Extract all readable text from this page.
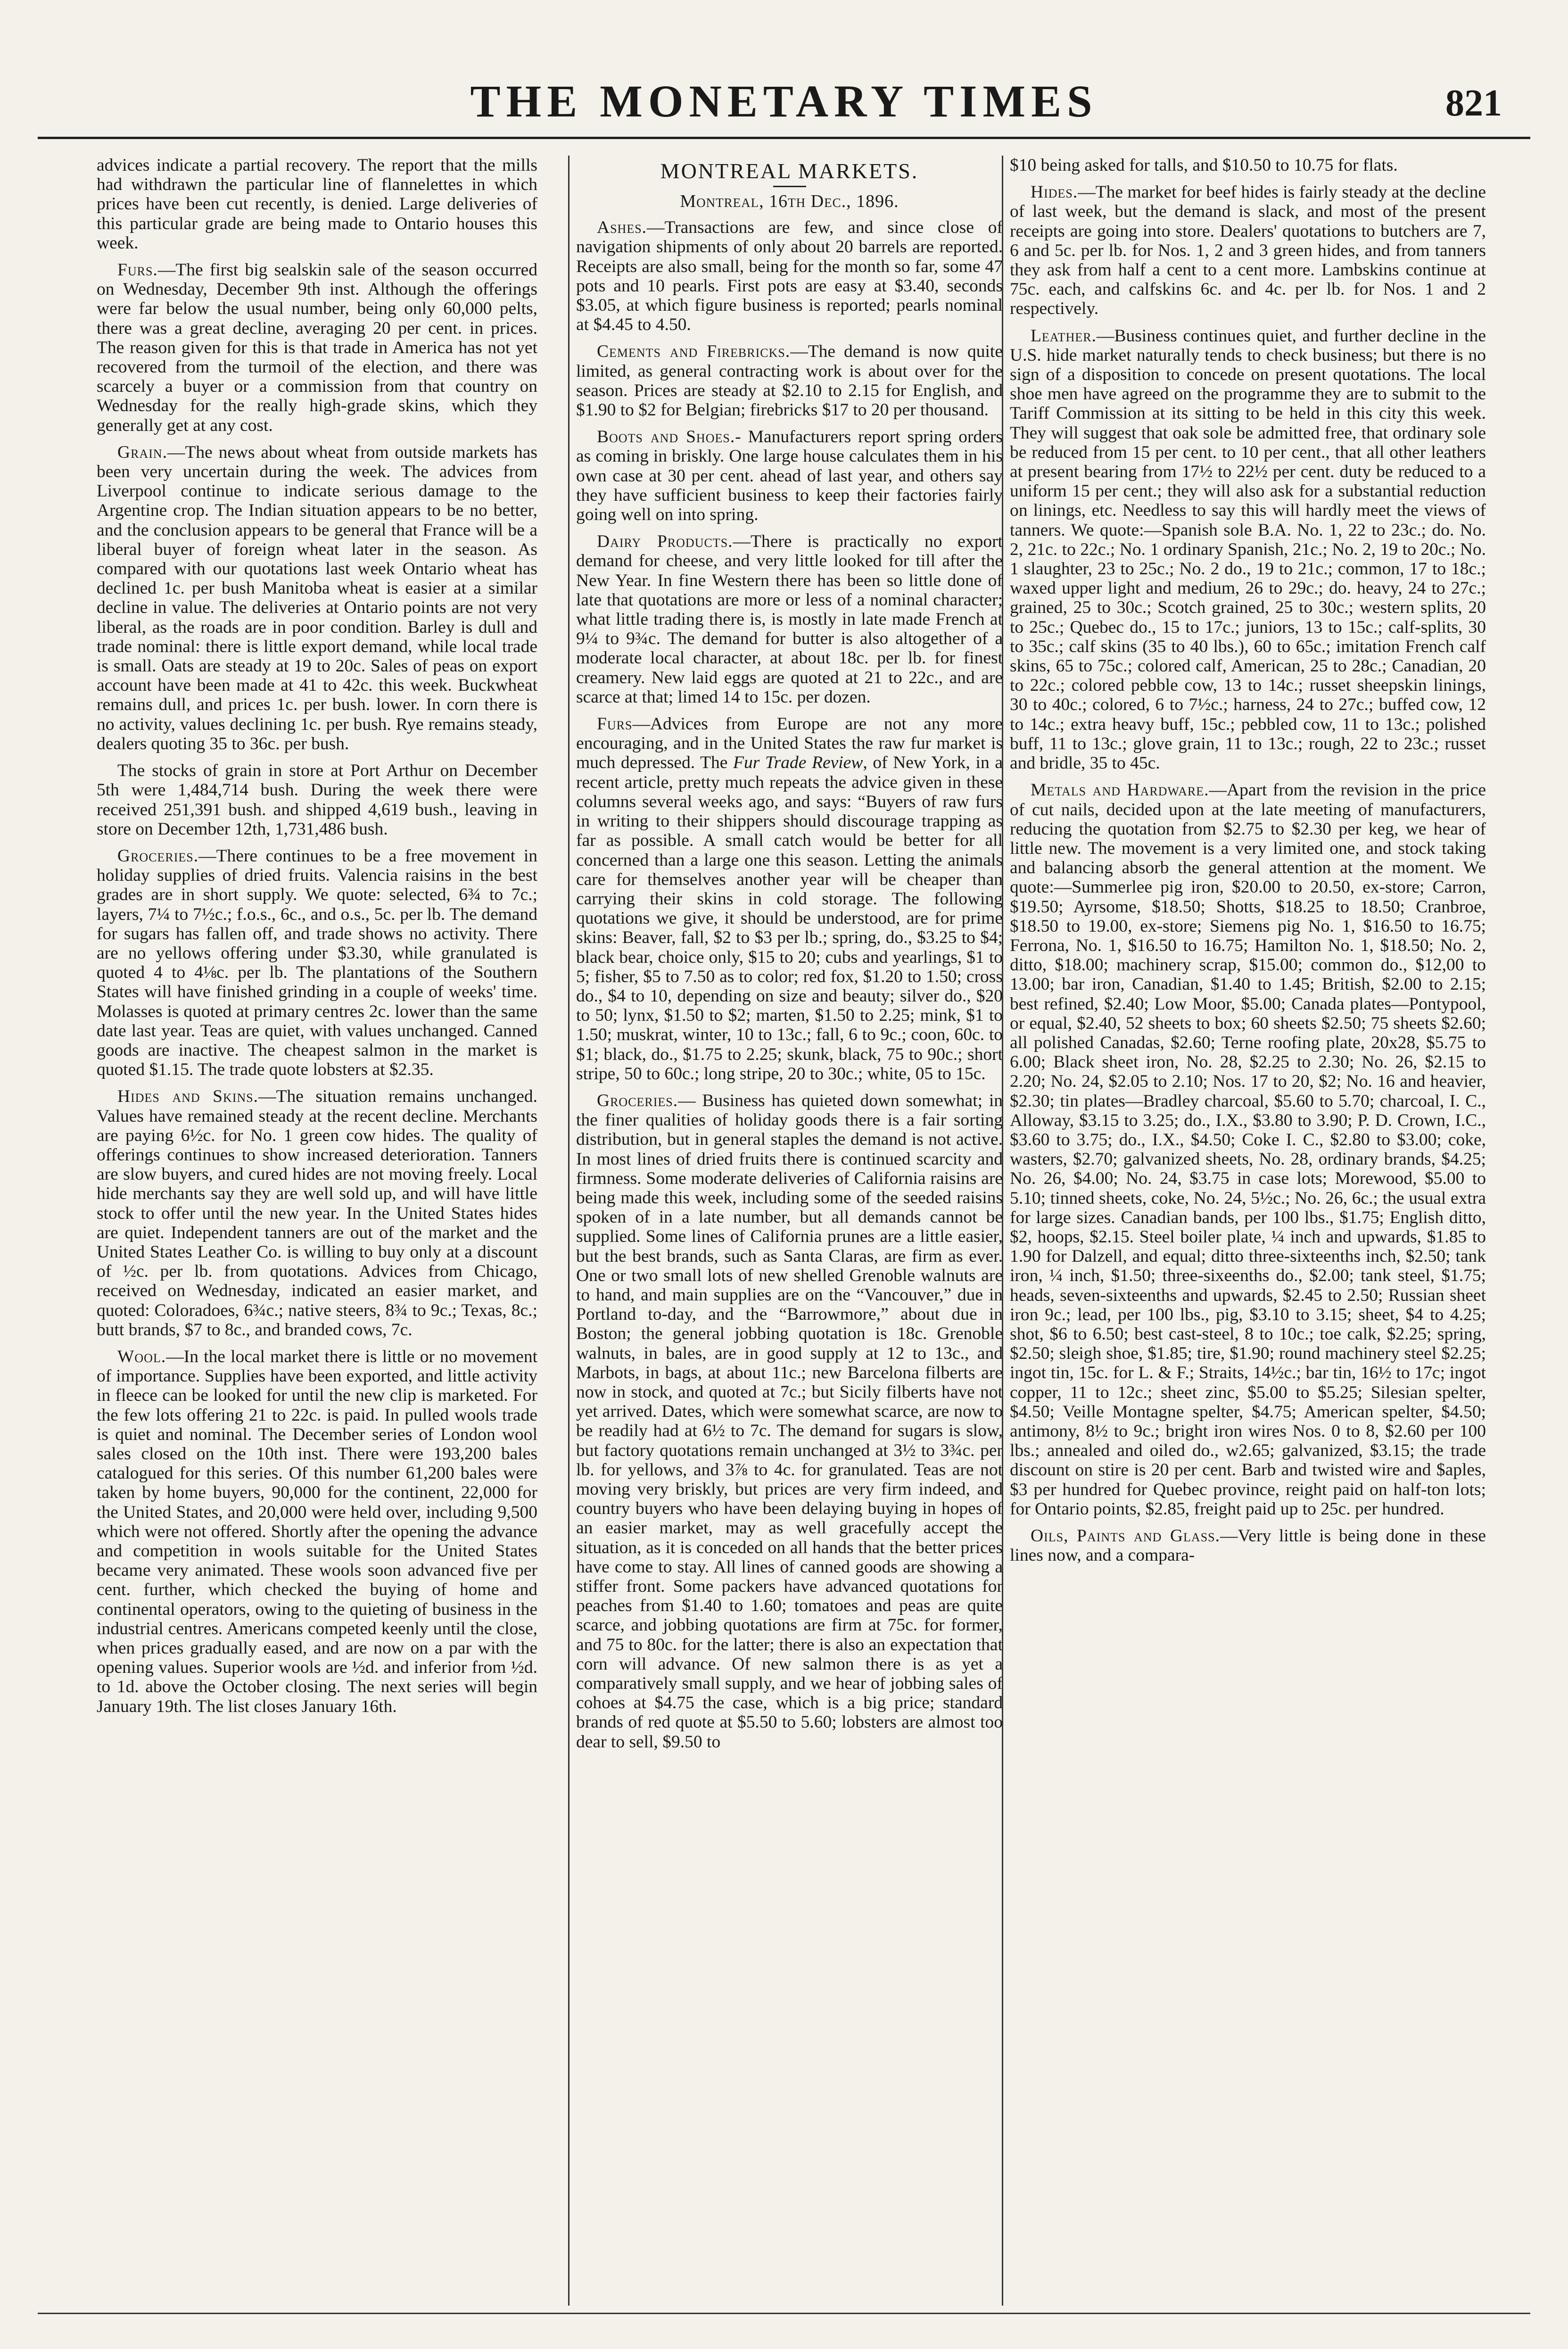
THE MONETARY TIMES	821

advices indicate a partial recovery. The report that the mills had withdrawn the particular line of flannelettes in which prices have been cut recently, is denied. Large deliveries of this particular grade are being made to Ontario houses this week.

Furs.—The first big sealskin sale of the season occurred on Wednesday, December 9th inst. Although the offerings were far below the usual number, being only 60,000 pelts, there was a great decline, averaging 20 per cent. in prices. The reason given for this is that trade in America has not yet recovered from the turmoil of the election, and there was scarcely a buyer or a commission from that country on Wednesday for the really high-grade skins, which they generally get at any cost.

Grain.—The news about wheat from outside markets has been very uncertain during the week. The advices from Liverpool continue to indicate serious damage to the Argentine crop. The Indian situation appears to be no better, and the conclusion appears to be general that France will be a liberal buyer of foreign wheat later in the season. As compared with our quotations last week Ontario wheat has declined 1c. per bush Manitoba wheat is easier at a similar decline in value. The deliveries at Ontario points are not very liberal, as the roads are in poor condition. Barley is dull and trade nominal: there is little export demand, while local trade is small. Oats are steady at 19 to 20c. Sales of peas on export account have been made at 41 to 42c. this week. Buckwheat remains dull, and prices 1c. per bush. lower. In corn there is no activity, values declining 1c. per bush. Rye remains steady, dealers quoting 35 to 36c. per bush.

The stocks of grain in store at Port Arthur on December 5th were 1,484,714 bush. During the week there were received 251,391 bush. and shipped 4,619 bush., leaving in store on December 12th, 1,731,486 bush.

Groceries.—There continues to be a free movement in holiday supplies of dried fruits. Valencia raisins in the best grades are in short supply. We quote: selected, 6¾ to 7c.; layers, 7¼ to 7½c.; f.o.s., 6c., and o.s., 5c. per lb. The demand for sugars has fallen off, and trade shows no activity. There are no yellows offering under $3.30, while granulated is quoted 4 to 4⅛c. per lb. The plantations of the Southern States will have finished grinding in a couple of weeks' time. Molasses is quoted at primary centres 2c. lower than the same date last year. Teas are quiet, with values unchanged. Canned goods are inactive. The cheapest salmon in the market is quoted $1.15. The trade quote lobsters at $2.35.

Hides and Skins.—The situation remains unchanged. Values have remained steady at the recent decline. Merchants are paying 6½c. for No. 1 green cow hides. The quality of offerings continues to show increased deterioration. Tanners are slow buyers, and cured hides are not moving freely. Local hide merchants say they are well sold up, and will have little stock to offer until the new year. In the United States hides are quiet. Independent tanners are out of the market and the United States Leather Co. is willing to buy only at a discount of ½c. per lb. from quotations. Advices from Chicago, received on Wednesday, indicated an easier market, and quoted: Coloradoes, 6¾c.; native steers, 8¾ to 9c.; Texas, 8c.; butt brands, $7 to 8c., and branded cows, 7c.

Wool.—In the local market there is little or no movement of importance. Supplies have been exported, and little activity in fleece can be looked for until the new clip is marketed. For the few lots offering 21 to 22c. is paid. In pulled wools trade is quiet and nominal. The December series of London wool sales closed on the 10th inst. There were 193,200 bales catalogued for this series. Of this number 61,200 bales were taken by home buyers, 90,000 for the continent, 22,000 for the United States, and 20,000 were held over, including 9,500 which were not offered. Shortly after the opening the advance and competition in wools suitable for the United States became very animated. These wools soon advanced five per cent. further, which checked the buying of home and continental operators, owing to the quieting of business in the industrial centres. Americans competed keenly until the close, when prices gradually eased, and are now on a par with the opening values. Superior wools are ½d. and inferior from ½d. to 1d. above the October closing. The next series will begin January 19th. The list closes January 16th.

MONTREAL MARKETS.
Montreal, 16th Dec., 1896.

Ashes.—Transactions are few, and since close of navigation shipments of only about 20 barrels are reported. Receipts are also small, being for the month so far, some 47 pots and 10 pearls. First pots are easy at $3.40, seconds $3.05, at which figure business is reported; pearls nominal at $4.45 to 4.50.

Cements and Firebricks.—The demand is now quite limited, as general contracting work is about over for the season. Prices are steady at $2.10 to 2.15 for English, and $1.90 to $2 for Belgian; firebricks $17 to 20 per thousand.

Boots and Shoes.- Manufacturers report spring orders as coming in briskly. One large house calculates them in his own case at 30 per cent. ahead of last year, and others say they have sufficient business to keep their factories fairly going well on into spring.

Dairy Products.—There is practically no export demand for cheese, and very little looked for till after the New Year. In fine Western there has been so little done of late that quotations are more or less of a nominal character; what little trading there is, is mostly in late made French at 9¼ to 9¾c. The demand for butter is also altogether of a moderate local character, at about 18c. per lb. for finest creamery. New laid eggs are quoted at 21 to 22c., and are scarce at that; limed 14 to 15c. per dozen.

Furs—Advices from Europe are not any more encouraging, and in the United States the raw fur market is much depressed. The Fur Trade Review, of New York, in a recent article, pretty much repeats the advice given in these columns several weeks ago, and says: “Buyers of raw furs in writing to their shippers should discourage trapping as far as possible. A small catch would be better for all concerned than a large one this season. Letting the animals care for themselves another year will be cheaper than carrying their skins in cold storage. The following quotations we give, it should be understood, are for prime skins: Beaver, fall, $2 to $3 per lb.; spring, do., $3.25 to $4; black bear, choice only, $15 to 20; cubs and yearlings, $1 to 5; fisher, $5 to 7.50 as to color; red fox, $1.20 to 1.50; cross do., $4 to 10, depending on size and beauty; silver do., $20 to 50; lynx, $1.50 to $2; marten, $1.50 to 2.25; mink, $1 to 1.50; muskrat, winter, 10 to 13c.; fall, 6 to 9c.; coon, 60c. to $1; black, do., $1.75 to 2.25; skunk, black, 75 to 90c.; short stripe, 50 to 60c.; long stripe, 20 to 30c.; white, 05 to 15c.

Groceries.— Business has quieted down somewhat; in the finer qualities of holiday goods there is a fair sorting distribution, but in general staples the demand is not active. In most lines of dried fruits there is continued scarcity and firmness. Some moderate deliveries of California raisins are being made this week, including some of the seeded raisins spoken of in a late number, but all demands cannot be supplied. Some lines of California prunes are a little easier, but the best brands, such as Santa Claras, are firm as ever. One or two small lots of new shelled Grenoble walnuts are to hand, and main supplies are on the “Vancouver,” due in Portland to-day, and the “Barrowmore,” about due in Boston; the general jobbing quotation is 18c. Grenoble walnuts, in bales, are in good supply at 12 to 13c., and Marbots, in bags, at about 11c.; new Barcelona filberts are now in stock, and quoted at 7c.; but Sicily filberts have not yet arrived. Dates, which were somewhat scarce, are now to be readily had at 6½ to 7c. The demand for sugars is slow, but factory quotations remain unchanged at 3½ to 3¾c. per lb. for yellows, and 3⅞ to 4c. for granulated. Teas are not moving very briskly, but prices are very firm indeed, and country buyers who have been delaying buying in hopes of an easier market, may as well gracefully accept the situation, as it is conceded on all hands that the better prices have come to stay. All lines of canned goods are showing a stiffer front. Some packers have advanced quotations for peaches from $1.40 to 1.60; tomatoes and peas are quite scarce, and jobbing quotations are firm at 75c. for former, and 75 to 80c. for the latter; there is also an expectation that corn will advance. Of new salmon there is as yet a comparatively small supply, and we hear of jobbing sales of cohoes at $4.75 the case, which is a big price; standard brands of red quote at $5.50 to 5.60; lobsters are almost too dear to sell, $9.50 to

$10 being asked for talls, and $10.50 to 10.75 for flats.

Hides.—The market for beef hides is fairly steady at the decline of last week, but the demand is slack, and most of the present receipts are going into store. Dealers' quotations to butchers are 7, 6 and 5c. per lb. for Nos. 1, 2 and 3 green hides, and from tanners they ask from half a cent to a cent more. Lambskins continue at 75c. each, and calfskins 6c. and 4c. per lb. for Nos. 1 and 2 respectively.

Leather.—Business continues quiet, and further decline in the U.S. hide market naturally tends to check business; but there is no sign of a disposition to concede on present quotations. The local shoe men have agreed on the programme they are to submit to the Tariff Commission at its sitting to be held in this city this week. They will suggest that oak sole be admitted free, that ordinary sole be reduced from 15 per cent. to 10 per cent., that all other leathers at present bearing from 17½ to 22½ per cent. duty be reduced to a uniform 15 per cent.; they will also ask for a substantial reduction on linings, etc. Needless to say this will hardly meet the views of tanners. We quote:—Spanish sole B.A. No. 1, 22 to 23c.; do. No. 2, 21c. to 22c.; No. 1 ordinary Spanish, 21c.; No. 2, 19 to 20c.; No. 1 slaughter, 23 to 25c.; No. 2 do., 19 to 21c.; common, 17 to 18c.; waxed upper light and medium, 26 to 29c.; do. heavy, 24 to 27c.; grained, 25 to 30c.; Scotch grained, 25 to 30c.; western splits, 20 to 25c.; Quebec do., 15 to 17c.; juniors, 13 to 15c.; calf-splits, 30 to 35c.; calf skins (35 to 40 lbs.), 60 to 65c.; imitation French calf skins, 65 to 75c.; colored calf, American, 25 to 28c.; Canadian, 20 to 22c.; colored pebble cow, 13 to 14c.; russet sheepskin linings, 30 to 40c.; colored, 6 to 7½c.; harness, 24 to 27c.; buffed cow, 12 to 14c.; extra heavy buff, 15c.; pebbled cow, 11 to 13c.; polished buff, 11 to 13c.; glove grain, 11 to 13c.; rough, 22 to 23c.; russet and bridle, 35 to 45c.

Metals and Hardware.—Apart from the revision in the price of cut nails, decided upon at the late meeting of manufacturers, reducing the quotation from $2.75 to $2.30 per keg, we hear of little new. The movement is a very limited one, and stock taking and balancing absorb the general attention at the moment. We quote:—Summerlee pig iron, $20.00 to 20.50, ex-store; Carron, $19.50; Ayrsome, $18.50; Shotts, $18.25 to 18.50; Cranbroe, $18.50 to 19.00, ex-store; Siemens pig No. 1, $16.50 to 16.75; Ferrona, No. 1, $16.50 to 16.75; Hamilton No. 1, $18.50; No. 2, ditto, $18.00; machinery scrap, $15.00; common do., $12,00 to 13.00; bar iron, Canadian, $1.40 to 1.45; British, $2.00 to 2.15; best refined, $2.40; Low Moor, $5.00; Canada plates—Pontypool, or equal, $2.40, 52 sheets to box; 60 sheets $2.50; 75 sheets $2.60; all polished Canadas, $2.60; Terne roofing plate, 20x28, $5.75 to 6.00; Black sheet iron, No. 28, $2.25 to 2.30; No. 26, $2.15 to 2.20; No. 24, $2.05 to 2.10; Nos. 17 to 20, $2; No. 16 and heavier, $2.30; tin plates—Bradley charcoal, $5.60 to 5.70; charcoal, I. C., Alloway, $3.15 to 3.25; do., I.X., $3.80 to 3.90; P. D. Crown, I.C., $3.60 to 3.75; do., I.X., $4.50; Coke I. C., $2.80 to $3.00; coke, wasters, $2.70; galvanized sheets, No. 28, ordinary brands, $4.25; No. 26, $4.00; No. 24, $3.75 in case lots; Morewood, $5.00 to 5.10; tinned sheets, coke, No. 24, 5½c.; No. 26, 6c.; the usual extra for large sizes. Canadian bands, per 100 lbs., $1.75; English ditto, $2, hoops, $2.15. Steel boiler plate, ¼ inch and upwards, $1.85 to 1.90 for Dalzell, and equal; ditto three-sixteenths inch, $2.50; tank iron, ¼ inch, $1.50; three-sixeenths do., $2.00; tank steel, $1.75; heads, seven-sixteenths and upwards, $2.45 to 2.50; Russian sheet iron 9c.; lead, per 100 lbs., pig, $3.10 to 3.15; sheet, $4 to 4.25; shot, $6 to 6.50; best cast-steel, 8 to 10c.; toe calk, $2.25; spring, $2.50; sleigh shoe, $1.85; tire, $1.90; round machinery steel $2.25; ingot tin, 15c. for L. & F.; Straits, 14½c.; bar tin, 16½ to 17c; ingot copper, 11 to 12c.; sheet zinc, $5.00 to $5.25; Silesian spelter, $4.50; Veille Montagne spelter, $4.75; American spelter, $4.50; antimony, 8½ to 9c.; bright iron wires Nos. 0 to 8, $2.60 per 100 lbs.; annealed and oiled do., w2.65; galvanized, $3.15; the trade discount on stire is 20 per cent. Barb and twisted wire and $aples, $3 per hundred for Quebec province, reight paid on half-ton lots; for Ontario points, $2.85, freight paid up to 25c. per hundred.

Oils, Paints and Glass.—Very little is being done in these lines now, and a compara-
